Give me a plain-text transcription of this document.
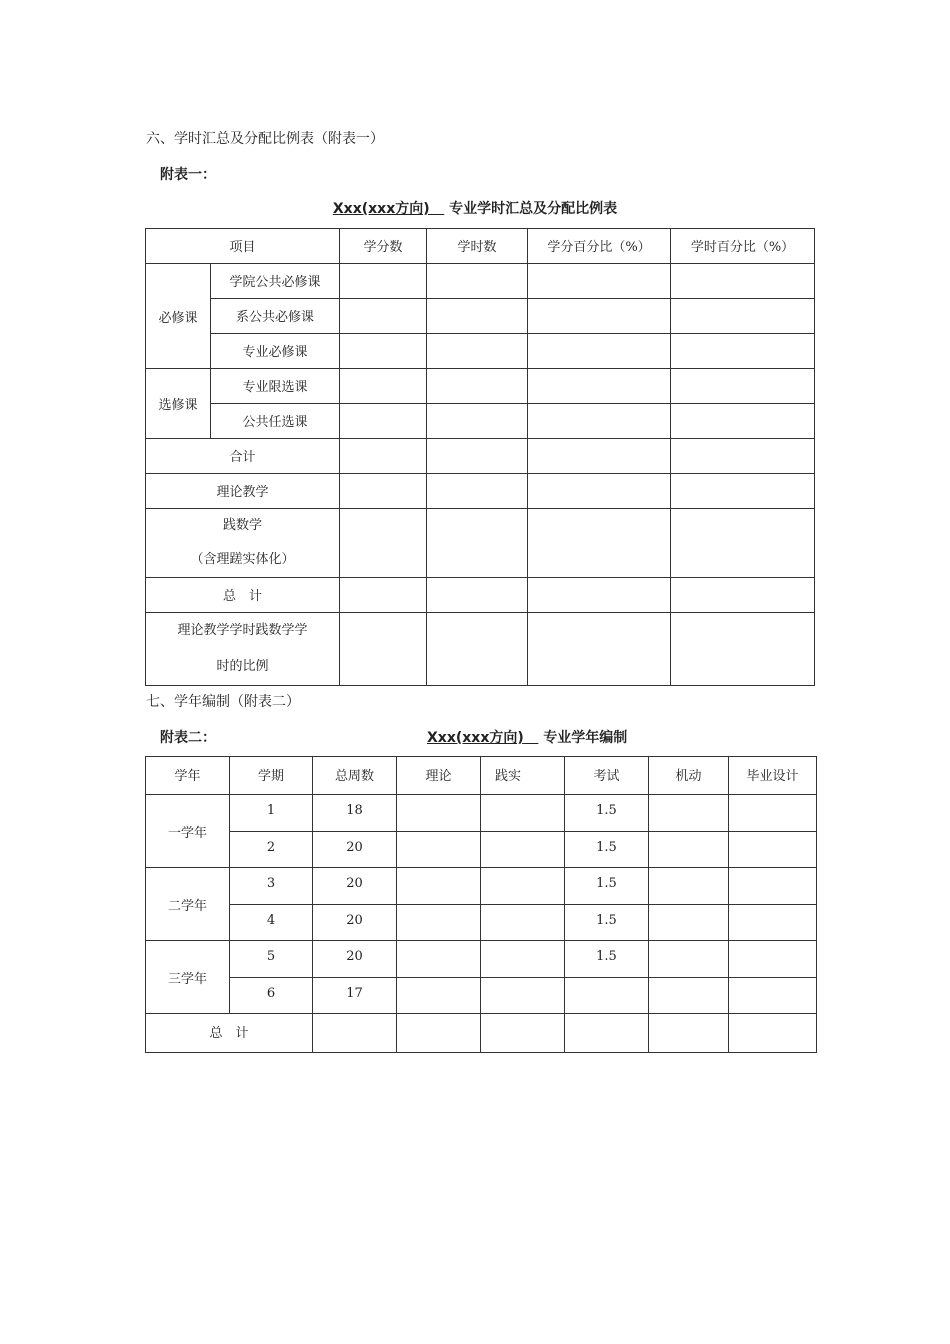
六、学时汇总及分配比例表（附表一）
附表一：
Xxx(xxx方向) 专业学时汇总及分配比例表
项目		学分数	学时数	学分百分比（%）	学时百分比（%）
必修课	学院公共必修课				
	系公共必修课				
	专业必修课				
选修课	专业限选课				
	公共任选课				
合计					
理论教学					

践数学
（含理蹉实体化）					

总　计					

理论教学学时践数学学
时的比例					

七、学年编制（附表二）
附表二：	Xxx(xxx方向) 专业学年编制
学年	学期	总周数	理论	践实	考试	机动	毕业设计
一学年	1	18			1.5		
	2	20			1.5		
二学年	3	20			1.5		
	4	20			1.5		
三学年	5	20			1.5		
	6	17					
总　计							
